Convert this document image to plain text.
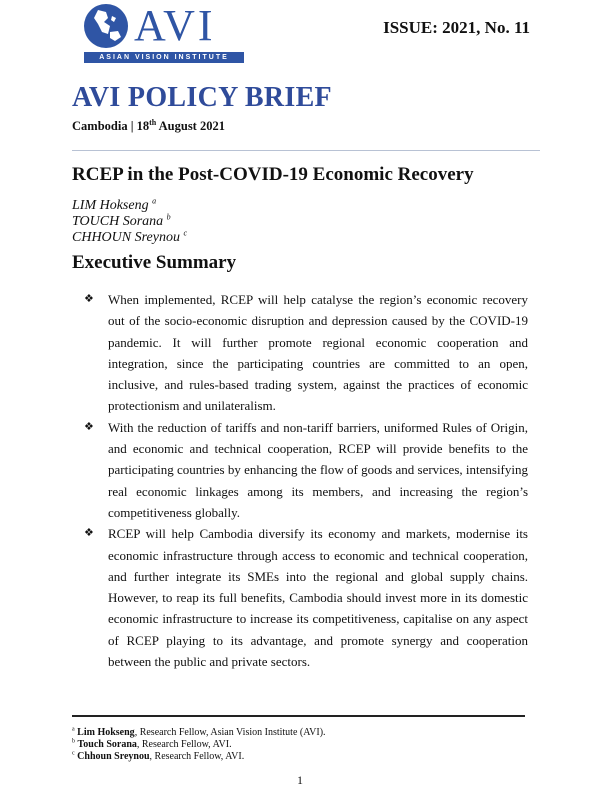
AVI
ASIAN VISION INSTITUTE
ISSUE: 2021, No. 11
AVI POLICY BRIEF
Cambodia | 18th August 2021
RCEP in the Post-COVID-19 Economic Recovery
LIM Hokseng $^a$
TOUCH Sorana $^b$
CHHOUN Sreynou $^c$
Executive Summary
❖ When implemented, RCEP will help catalyse the region’s economic recovery out of the socio-economic disruption and depression caused by the COVID-19 pandemic. It will further promote regional economic cooperation and integration, since the participating countries are committed to an open, inclusive, and rules-based trading system, against the practices of economic protectionism and unilateralism.
❖ With the reduction of tariffs and non-tariff barriers, uniformed Rules of Origin, and economic and technical cooperation, RCEP will provide benefits to the participating countries by enhancing the flow of goods and services, intensifying real economic linkages among its members, and increasing the region’s competitiveness globally.
❖ RCEP will help Cambodia diversify its economy and markets, modernise its economic infrastructure through access to economic and technical cooperation, and further integrate its SMEs into the regional and global supply chains. However, to reap its full benefits, Cambodia should invest more in its domestic economic infrastructure to increase its competitiveness, capitalise on any aspect of RCEP playing to its advantage, and promote synergy and cooperation between the public and private sectors.
$^a$ Lim Hokseng, Research Fellow, Asian Vision Institute (AVI).
$^b$ Touch Sorana, Research Fellow, AVI.
$^c$ Chhoun Sreynou, Research Fellow, AVI.
1
